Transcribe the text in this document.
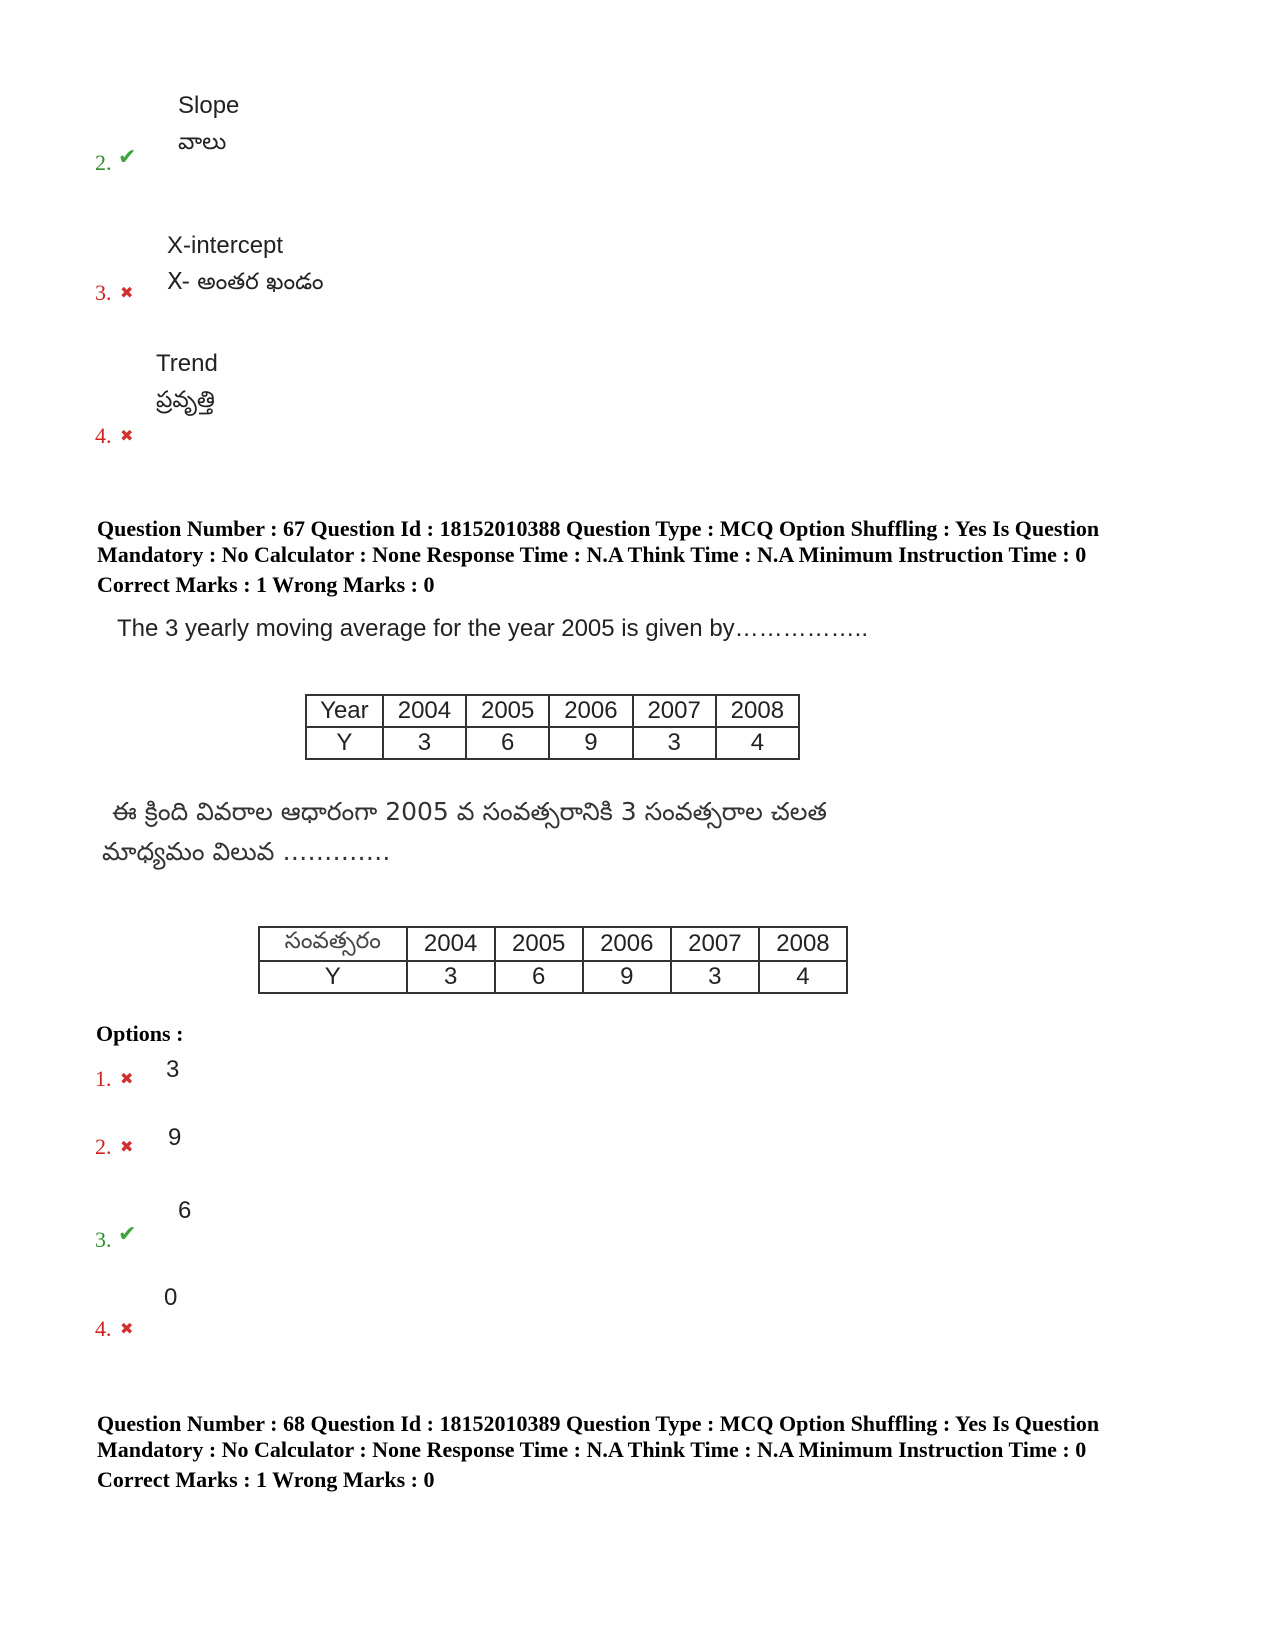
Slope
వాలు
2. ✔
X-intercept
X- అంతర ఖండం
3. ✖
Trend
ప్రవృత్తి
4. ✖
Question Number : 67 Question Id : 18152010388 Question Type : MCQ Option Shuffling : Yes Is Question
Mandatory : No Calculator : None Response Time : N.A Think Time : N.A Minimum Instruction Time : 0
Correct Marks : 1 Wrong Marks : 0
The 3 yearly moving average for the year 2005 is given by……………..
Year	2004	2005	2006	2007	2008
Y	3	6	9	3	4
ఈ క్రింది వివరాల ఆధారంగా 2005 వ సంవత్సరానికి 3 సంవత్సరాల చలత
మాధ్యమం విలువ ………….
సంవత్సరం	2004	2005	2006	2007	2008
Y	3	6	9	3	4
Options :
1. ✖ 3
2. ✖ 9
6
3. ✔
0
4. ✖
Question Number : 68 Question Id : 18152010389 Question Type : MCQ Option Shuffling : Yes Is Question
Mandatory : No Calculator : None Response Time : N.A Think Time : N.A Minimum Instruction Time : 0
Correct Marks : 1 Wrong Marks : 0
